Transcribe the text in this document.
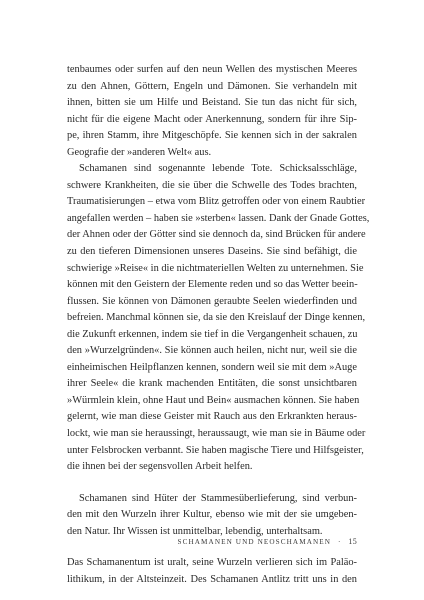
tenbaumes oder surfen auf den neun Wellen des mystischen Meeres
zu den Ahnen, Göttern, Engeln und Dämonen. Sie verhandeln mit
ihnen, bitten sie um Hilfe und Beistand. Sie tun das nicht für sich,
nicht für die eigene Macht oder Anerkennung, sondern für ihre Sip-
pe, ihren Stamm, ihre Mitgeschöpfe. Sie kennen sich in der sakralen
Geografie der »anderen Welt« aus.
Schamanen sind sogenannte lebende Tote. Schicksalsschläge,
schwere Krankheiten, die sie über die Schwelle des Todes brachten,
Traumatisierungen – etwa vom Blitz getroffen oder von einem Raubtier
angefallen werden – haben sie »sterben« lassen. Dank der Gnade Gottes,
der Ahnen oder der Götter sind sie dennoch da, sind Brücken für andere
zu den tieferen Dimensionen unseres Daseins. Sie sind befähigt, die
schwierige »Reise« in die nichtmateriellen Welten zu unternehmen. Sie
können mit den Geistern der Elemente reden und so das Wetter beein-
flussen. Sie können von Dämonen geraubte Seelen wiederfinden und
befreien. Manchmal können sie, da sie den Kreislauf der Dinge kennen,
die Zukunft erkennen, indem sie tief in die Vergangenheit schauen, zu
den »Wurzelgründen«. Sie können auch heilen, nicht nur, weil sie die
einheimischen Heilpflanzen kennen, sondern weil sie mit dem »Auge
ihrer Seele« die krank machenden Entitäten, die sonst unsichtbaren
»Würmlein klein, ohne Haut und Bein« ausmachen können. Sie haben
gelernt, wie man diese Geister mit Rauch aus den Erkrankten heraus-
lockt, wie man sie heraussingt, heraussaugt, wie man sie in Bäume oder
unter Felsbrocken verbannt. Sie haben magische Tiere und Hilfsgeister,
die ihnen bei der segensvollen Arbeit helfen.
Schamanen sind Hüter der Stammesüberlieferung, sind verbun-
den mit den Wurzeln ihrer Kultur, ebenso wie mit der sie umgeben-
den Natur. Ihr Wissen ist unmittelbar, lebendig, unterhaltsam.
Das Schamanentum ist uralt, seine Wurzeln verlieren sich im Paläo-
lithikum, in der Altsteinzeit. Des Schamanen Antlitz tritt uns in den
SCHAMANEN UND NEOSCHAMANEN · 15
